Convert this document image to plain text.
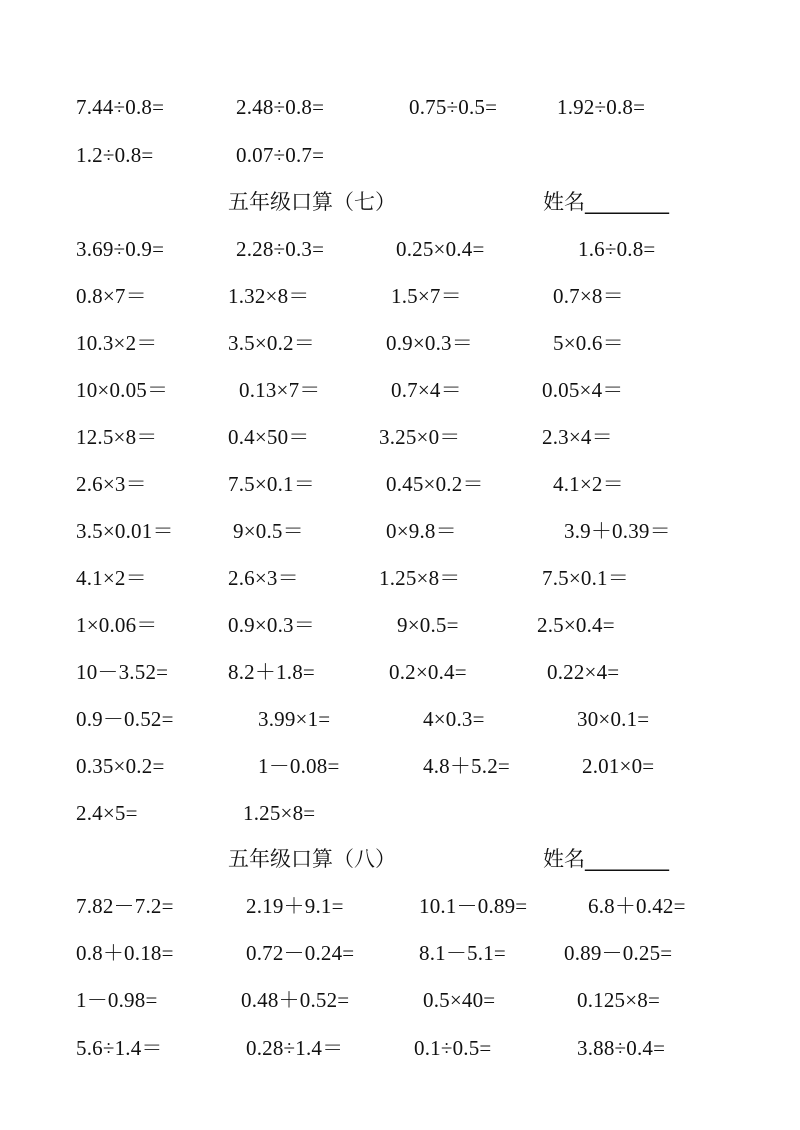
7.44÷0.8=	2.48÷0.8=	0.75÷0.5=	1.92÷0.8=
1.2÷0.8=	0.07÷0.7=
五年级口算（七）	姓名________
3.69÷0.9=	2.28÷0.3=	0.25×0.4=	1.6÷0.8=
0.8×7＝	1.32×8＝	1.5×7＝	0.7×8＝
10.3×2＝	3.5×0.2＝	0.9×0.3＝	5×0.6＝
10×0.05＝	0.13×7＝	0.7×4＝	0.05×4＝
12.5×8＝	0.4×50＝	3.25×0＝	2.3×4＝
2.6×3＝	7.5×0.1＝	0.45×0.2＝	4.1×2＝
3.5×0.01＝	9×0.5＝	0×9.8＝	3.9＋0.39＝
4.1×2＝	2.6×3＝	1.25×8＝	7.5×0.1＝
1×0.06＝	0.9×0.3＝	9×0.5=	2.5×0.4=
10－3.52=	8.2＋1.8=	0.2×0.4=	0.22×4=
0.9－0.52=	3.99×1=	4×0.3=	30×0.1=
0.35×0.2=	1－0.08=	4.8＋5.2=	2.01×0=
2.4×5=	1.25×8=
五年级口算（八）	姓名________
7.82－7.2=	2.19＋9.1=	10.1－0.89=	6.8＋0.42=
0.8＋0.18=	0.72－0.24=	8.1－5.1=	0.89－0.25=
1－0.98=	0.48＋0.52=	0.5×40=	0.125×8=
5.6÷1.4＝	0.28÷1.4＝	0.1÷0.5=	3.88÷0.4=
